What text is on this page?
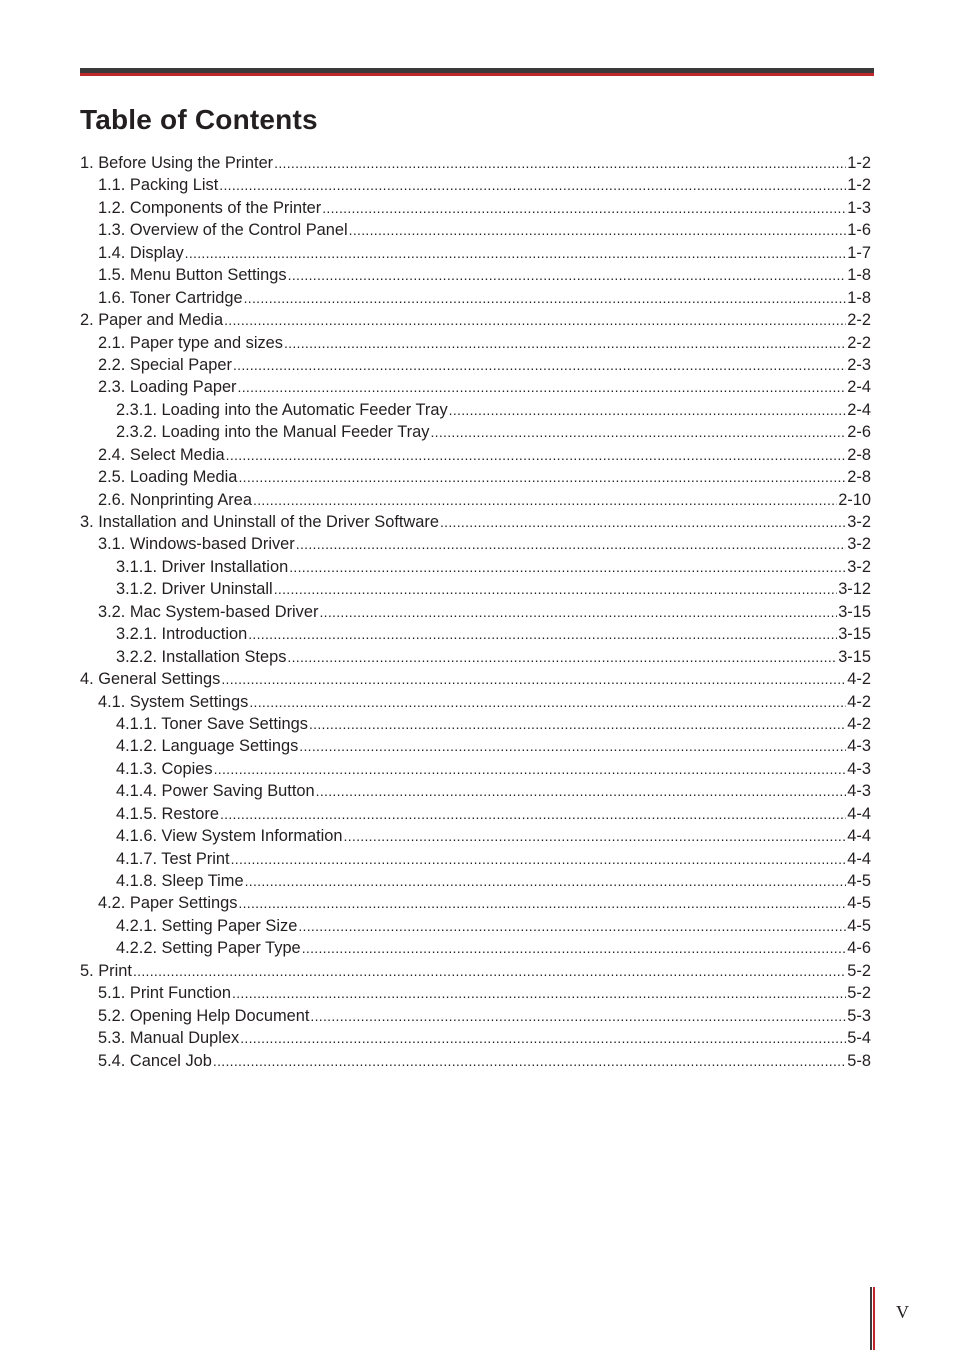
Table of Contents
1. Before Using the Printer .....	1-2
1.1. Packing List .....	1-2
1.2. Components of the Printer .....	1-3
1.3. Overview of the Control Panel .....	1-6
1.4. Display .....	1-7
1.5. Menu Button Settings .....	1-8
1.6. Toner Cartridge .....	1-8
2. Paper and Media .....	2-2
2.1. Paper type and sizes .....	2-2
2.2. Special Paper .....	2-3
2.3. Loading Paper .....	2-4
2.3.1. Loading into the Automatic Feeder Tray .....	2-4
2.3.2. Loading into the Manual Feeder Tray .....	2-6
2.4. Select Media .....	2-8
2.5. Loading Media .....	2-8
2.6. Nonprinting Area .....	2-10
3. Installation and Uninstall of the Driver Software .....	3-2
3.1. Windows-based Driver .....	3-2
3.1.1. Driver Installation .....	3-2
3.1.2. Driver Uninstall .....	3-12
3.2. Mac System-based Driver .....	3-15
3.2.1. Introduction .....	3-15
3.2.2. Installation Steps .....	3-15
4. General Settings .....	4-2
4.1. System Settings .....	4-2
4.1.1. Toner Save Settings .....	4-2
4.1.2. Language Settings .....	4-3
4.1.3. Copies .....	4-3
4.1.4. Power Saving Button .....	4-3
4.1.5. Restore .....	4-4
4.1.6. View System Information .....	4-4
4.1.7. Test Print .....	4-4
4.1.8. Sleep Time .....	4-5
4.2. Paper Settings .....	4-5
4.2.1. Setting Paper Size .....	4-5
4.2.2. Setting Paper Type .....	4-6
5. Print .....	5-2
5.1. Print Function .....	5-2
5.2. Opening Help Document .....	5-3
5.3. Manual Duplex .....	5-4
5.4. Cancel Job .....	5-8
V
